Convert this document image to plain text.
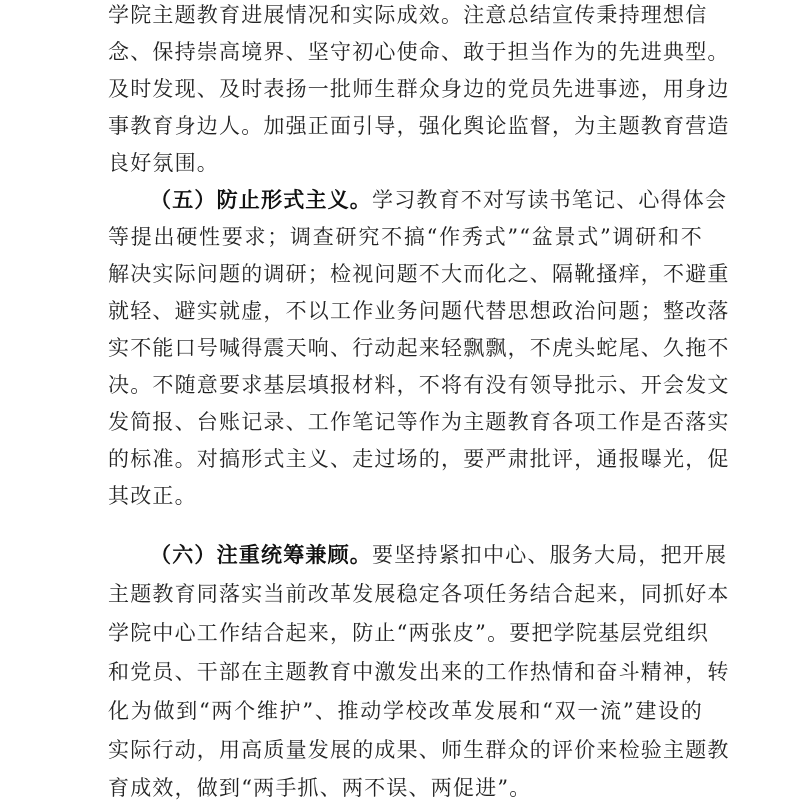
学院主题教育进展情况和实际成效。注意总结宣传秉持理想信
念、保持崇高境界、坚守初心使命、敢于担当作为的先进典型。
及时发现、及时表扬一批师生群众身边的党员先进事迹，用身边
事教育身边人。加强正面引导，强化舆论监督，为主题教育营造
良好氛围。
（五）防止形式主义。学习教育不对写读书笔记、心得体会
等提出硬性要求；调查研究不搞“作秀式”“盆景式”调研和不
解决实际问题的调研；检视问题不大而化之、隔靴搔痒，不避重
就轻、避实就虚，不以工作业务问题代替思想政治问题；整改落
实不能口号喊得震天响、行动起来轻飘飘，不虎头蛇尾、久拖不
决。不随意要求基层填报材料，不将有没有领导批示、开会发文
发简报、台账记录、工作笔记等作为主题教育各项工作是否落实
的标准。对搞形式主义、走过场的，要严肃批评，通报曝光，促
其改正。
（六）注重统筹兼顾。要坚持紧扣中心、服务大局，把开展
主题教育同落实当前改革发展稳定各项任务结合起来，同抓好本
学院中心工作结合起来，防止“两张皮”。要把学院基层党组织
和党员、干部在主题教育中激发出来的工作热情和奋斗精神，转
化为做到“两个维护”、推动学校改革发展和“双一流”建设的
实际行动，用高质量发展的成果、师生群众的评价来检验主题教
育成效，做到“两手抓、两不误、两促进”。
